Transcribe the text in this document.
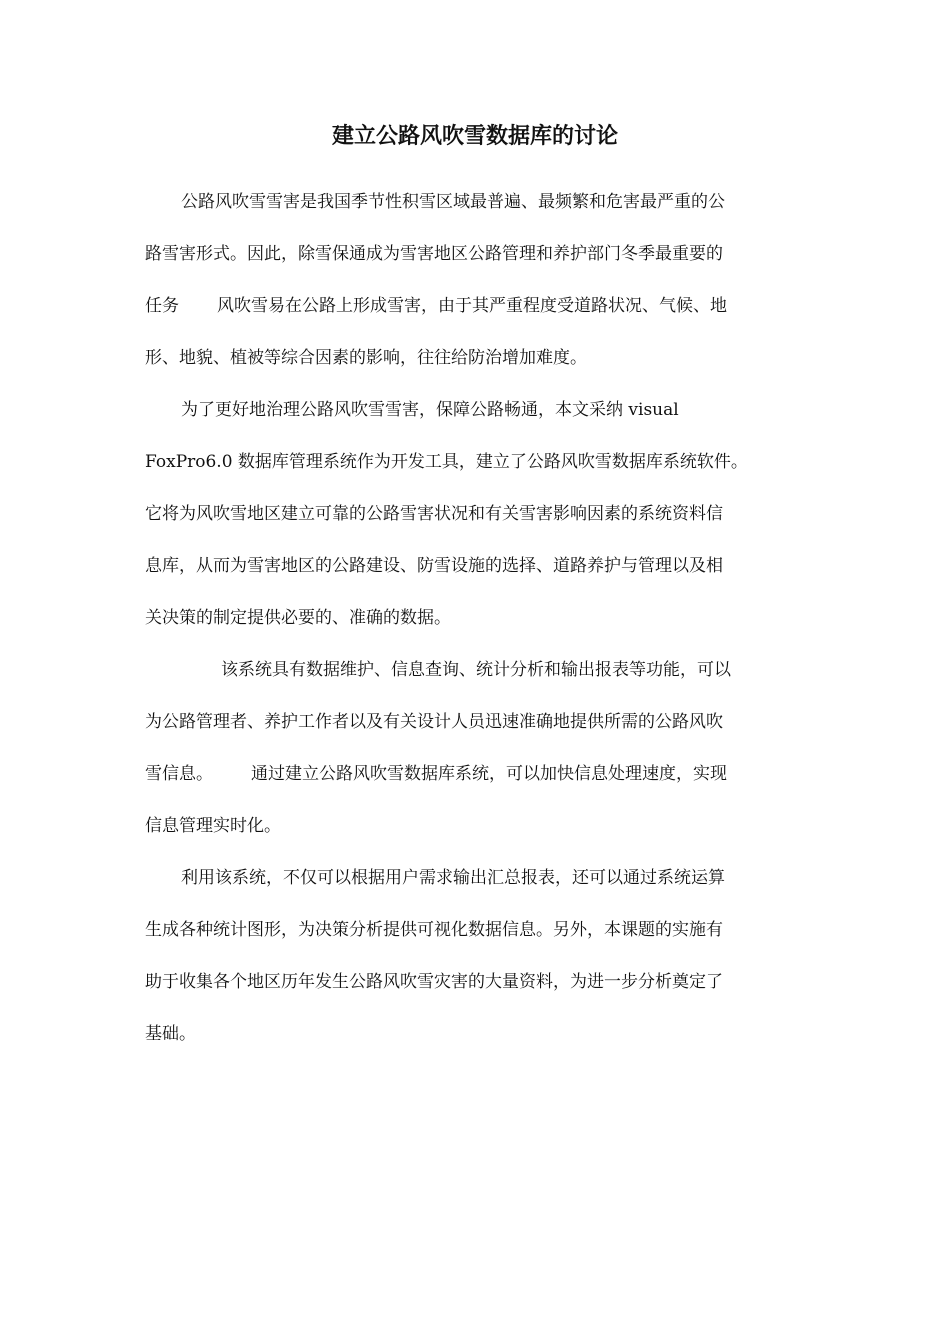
建立公路风吹雪数据库的讨论
公路风吹雪雪害是我国季节性积雪区域最普遍、最频繁和危害最严重的公
路雪害形式。因此，除雪保通成为雪害地区公路管理和养护部门冬季最重要的
任务 风吹雪易在公路上形成雪害，由于其严重程度受道路状况、气候、地
形、地貌、植被等综合因素的影响，往往给防治增加难度。
为了更好地治理公路风吹雪雪害，保障公路畅通，本文采纳 visual
FoxPro6.0 数据库管理系统作为开发工具，建立了公路风吹雪数据库系统软件。
它将为风吹雪地区建立可靠的公路雪害状况和有关雪害影响因素的系统资料信
息库，从而为雪害地区的公路建设、防雪设施的选择、道路养护与管理以及相
关决策的制定提供必要的、准确的数据。
该系统具有数据维护、信息查询、统计分析和输出报表等功能，可以
为公路管理者、养护工作者以及有关设计人员迅速准确地提供所需的公路风吹
雪信息。 通过建立公路风吹雪数据库系统，可以加快信息处理速度，实现
信息管理实时化。
利用该系统，不仅可以根据用户需求输出汇总报表，还可以通过系统运算
生成各种统计图形，为决策分析提供可视化数据信息。另外，本课题的实施有
助于收集各个地区历年发生公路风吹雪灾害的大量资料，为进一步分析奠定了
基础。
